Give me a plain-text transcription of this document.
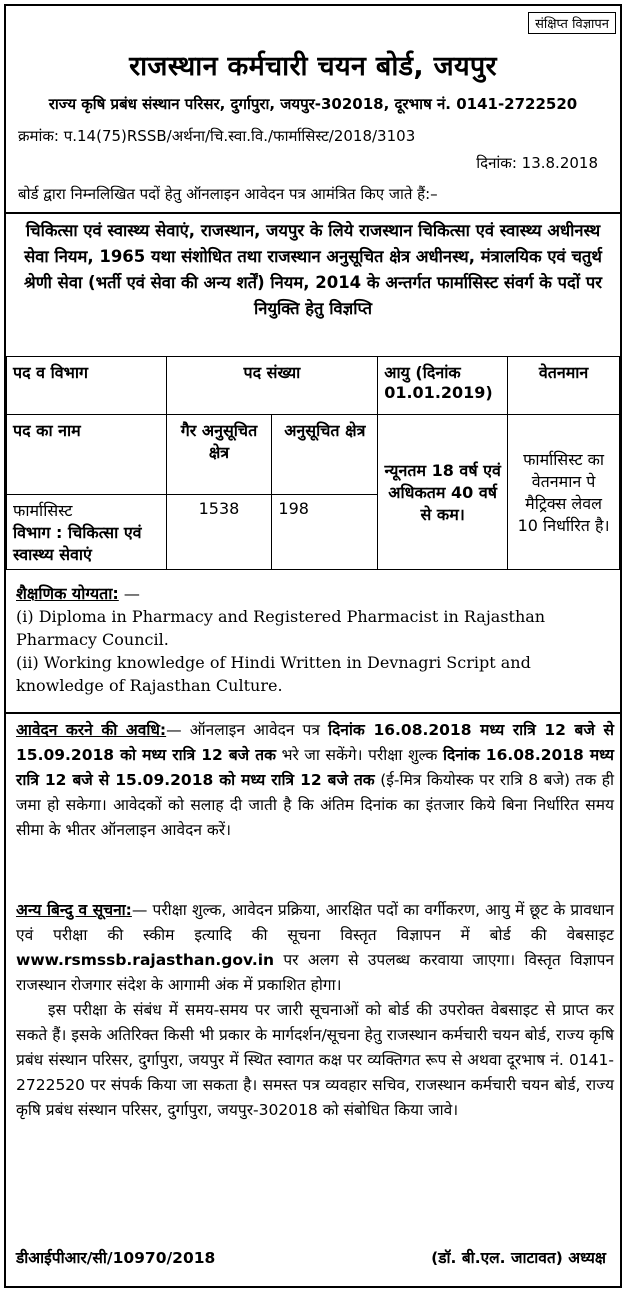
संक्षिप्त विज्ञापन
राजस्थान कर्मचारी चयन बोर्ड, जयपुर
राज्य कृषि प्रबंध संस्थान परिसर, दुर्गापुरा, जयपुर-302018, दूरभाष नं. 0141-2722520
क्रमांक: प.14(75)RSSB/अर्थना/चि.स्वा.वि./फार्मासिस्ट/2018/3103
दिनांक: 13.8.2018
बोर्ड द्वारा निम्नलिखित पदों हेतु ऑनलाइन आवेदन पत्र आमंत्रित किए जाते हैं:–
चिकित्सा एवं स्वास्थ्य सेवाएं, राजस्थान, जयपुर के लिये राजस्थान चिकित्सा एवं स्वास्थ्य अधीनस्थ सेवा नियम, 1965 यथा संशोधित तथा राजस्थान अनुसूचित क्षेत्र अधीनस्थ, मंत्रालयिक एवं चतुर्थ श्रेणी सेवा (भर्ती एवं सेवा की अन्य शर्तें) नियम, 2014 के अन्तर्गत फार्मासिस्ट संवर्ग के पदों पर नियुक्ति हेतु विज्ञप्ति
पद व विभाग	पद संख्या		आयु (दिनांक 01.01.2019)	वेतनमान
पद का नाम	गैर अनुसूचित क्षेत्र	अनुसूचित क्षेत्र	न्यूनतम 18 वर्ष एवं अधिकतम 40 वर्ष से कम।	फार्मासिस्ट का वेतनमान पे मैट्रिक्स लेवल 10 निर्धारित है।

फार्मासिस्ट
विभाग : चिकित्सा एवं स्वास्थ्य सेवाएं	1538	198		
शैक्षणिक योग्यता: —
(i) Diploma in Pharmacy and Registered Pharmacist in Rajasthan Pharmacy Council.
(ii) Working knowledge of Hindi Written in Devnagri Script and knowledge of Rajasthan Culture.
आवेदन करने की अवधि:— ऑनलाइन आवेदन पत्र दिनांक 16.08.2018 मध्य रात्रि 12 बजे से 15.09.2018 को मध्य रात्रि 12 बजे तक भरे जा सकेंगे। परीक्षा शुल्क दिनांक 16.08.2018 मध्य रात्रि 12 बजे से 15.09.2018 को मध्य रात्रि 12 बजे तक (ई-मित्र कियोस्क पर रात्रि 8 बजे) तक ही जमा हो सकेगा। आवेदकों को सलाह दी जाती है कि अंतिम दिनांक का इंतजार किये बिना निर्धारित समय सीमा के भीतर ऑनलाइन आवेदन करें।
अन्य बिन्दु व सूचना:— परीक्षा शुल्क, आवेदन प्रक्रिया, आरक्षित पदों का वर्गीकरण, आयु में छूट के प्रावधान एवं परीक्षा की स्कीम इत्यादि की सूचना विस्तृत विज्ञापन में बोर्ड की वेबसाइट www.rsmssb.rajasthan.gov.in पर अलग से उपलब्ध करवाया जाएगा। विस्तृत विज्ञापन राजस्थान रोजगार संदेश के आगामी अंक में प्रकाशित होगा।
इस परीक्षा के संबंध में समय-समय पर जारी सूचनाओं को बोर्ड की उपरोक्त वेबसाइट से प्राप्त कर सकते हैं। इसके अतिरिक्त किसी भी प्रकार के मार्गदर्शन/सूचना हेतु राजस्थान कर्मचारी चयन बोर्ड, राज्य कृषि प्रबंध संस्थान परिसर, दुर्गापुरा, जयपुर में स्थित स्वागत कक्ष पर व्यक्तिगत रूप से अथवा दूरभाष नं. 0141-2722520 पर संपर्क किया जा सकता है। समस्त पत्र व्यवहार सचिव, राजस्थान कर्मचारी चयन बोर्ड, राज्य कृषि प्रबंध संस्थान परिसर, दुर्गापुरा, जयपुर-302018 को संबोधित किया जावे।
डीआईपीआर/सी/10970/2018	(डॉ. बी.एल. जाटावत) अध्यक्ष
